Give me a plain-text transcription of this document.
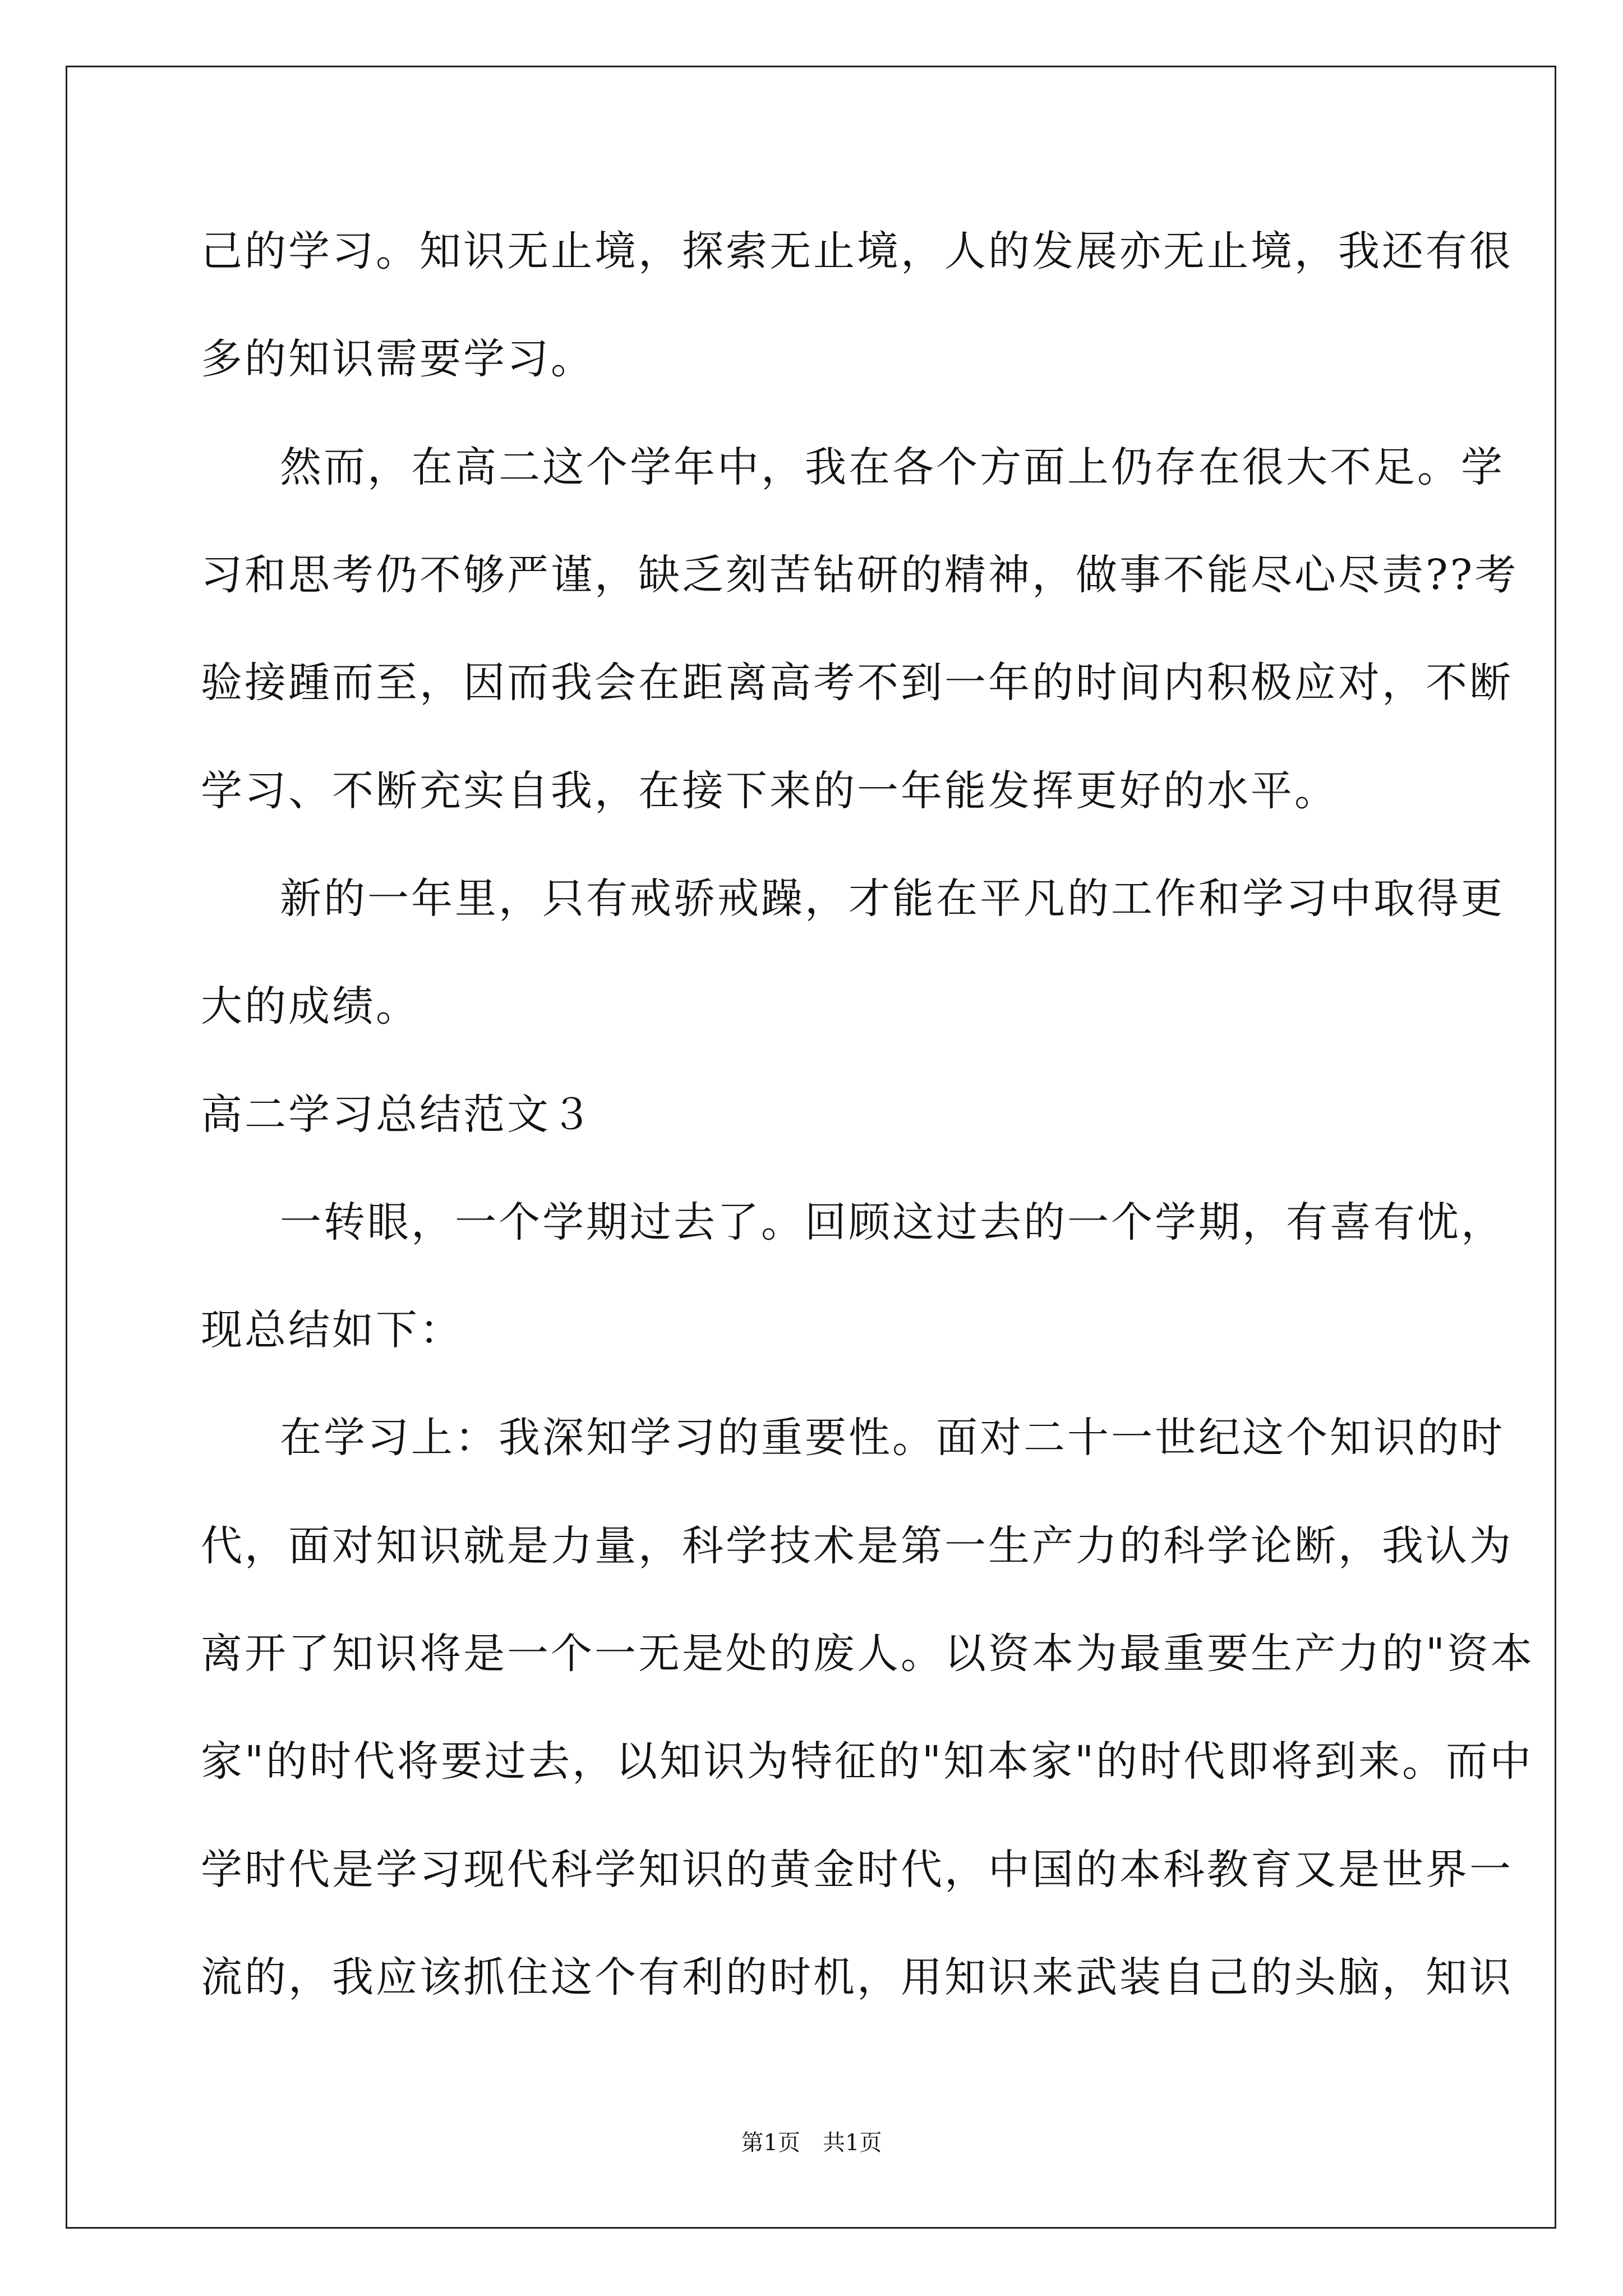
己的学习。知识无止境，探索无止境，人的发展亦无止境，我还有很
多的知识需要学习。
然而，在高二这个学年中，我在各个方面上仍存在很大不足。学
习和思考仍不够严谨，缺乏刻苦钻研的精神，做事不能尽心尽责??考
验接踵而至，因而我会在距离高考不到一年的时间内积极应对，不断
学习、不断充实自我，在接下来的一年能发挥更好的水平。
新的一年里，只有戒骄戒躁，才能在平凡的工作和学习中取得更
大的成绩。
高二学习总结范文３
一转眼，一个学期过去了。回顾这过去的一个学期，有喜有忧，
现总结如下：
在学习上：我深知学习的重要性。面对二十一世纪这个知识的时
代，面对知识就是力量，科学技术是第一生产力的科学论断，我认为
离开了知识将是一个一无是处的废人。以资本为最重要生产力的"资本
家"的时代将要过去，以知识为特征的"知本家"的时代即将到来。而中
学时代是学习现代科学知识的黄金时代，中国的本科教育又是世界一
流的，我应该抓住这个有利的时机，用知识来武装自己的头脑，知识
第1页　共1页
